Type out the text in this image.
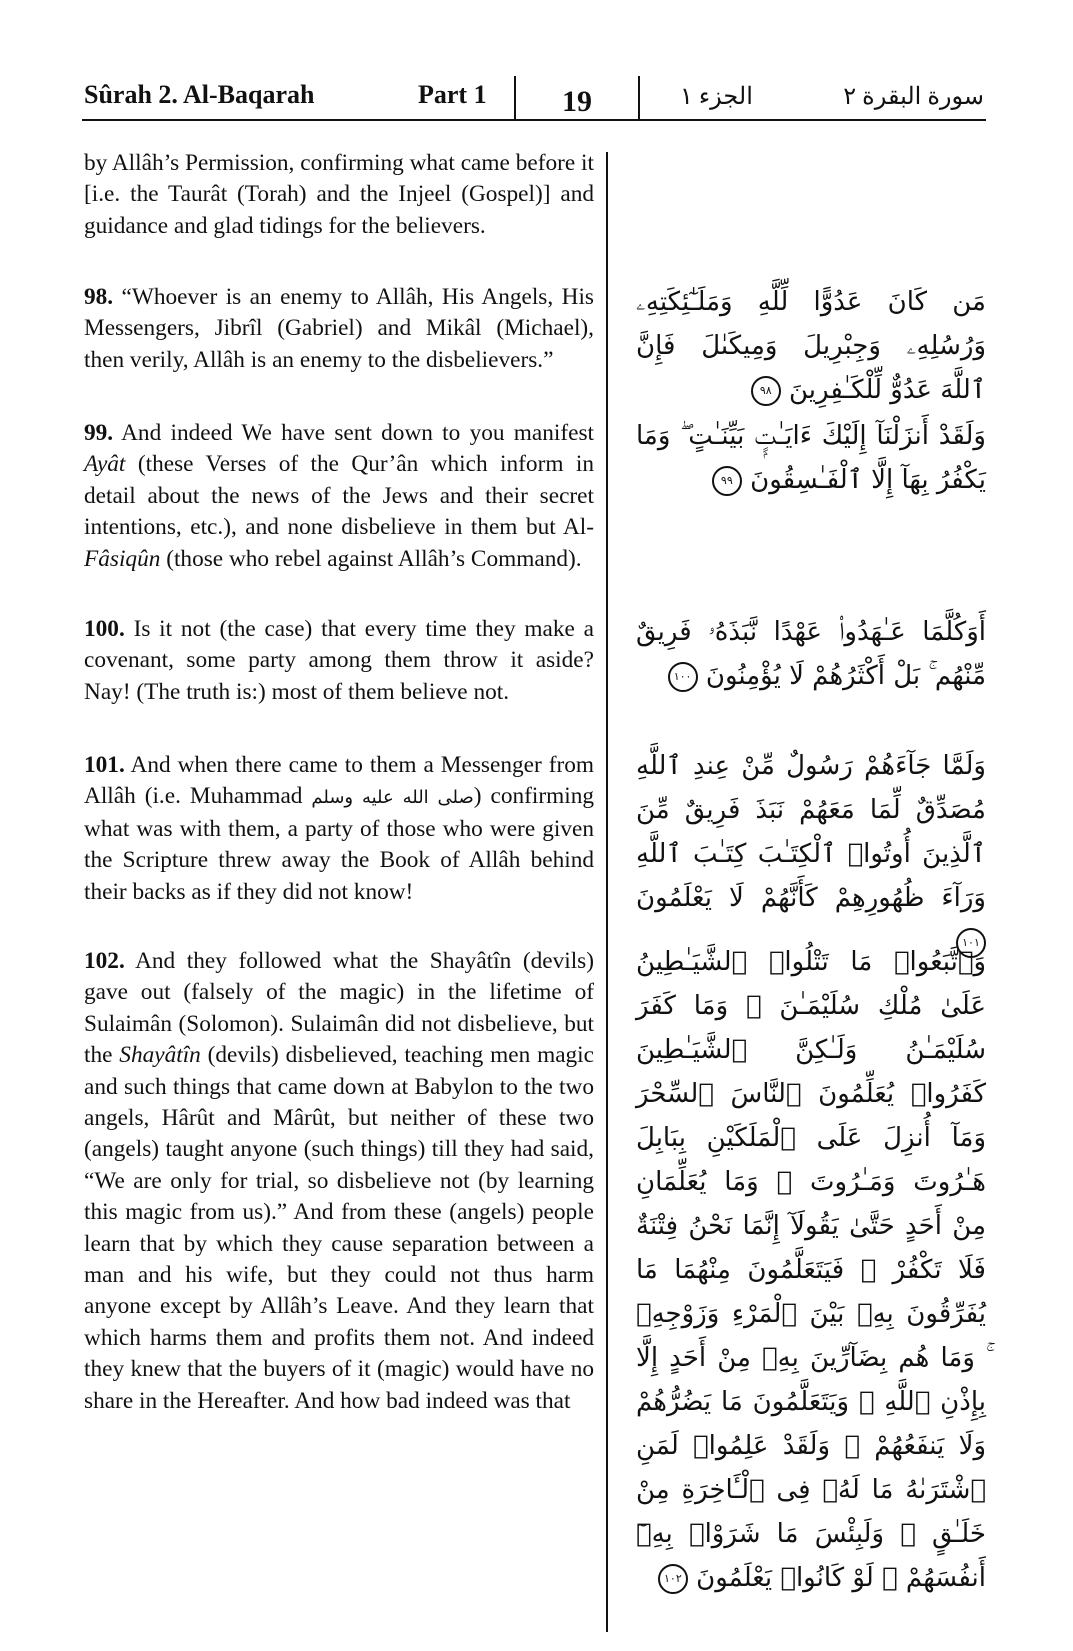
Sûrah 2. Al-Baqarah	Part 1	19	الجزء ١	سورة البقرة ٢

by Allâh’s Permission, confirming what came before it [i.e. the Taurât (Torah) and the Injeel (Gospel)] and guidance and glad tidings for the believers.

98. “Whoever is an enemy to Allâh, His Angels, His Messengers, Jibrîl (Gabriel) and Mikâl (Michael), then verily, Allâh is an enemy to the disbelievers.”

99. And indeed We have sent down to you manifest Ayât (these Verses of the Qur’ân which inform in detail about the news of the Jews and their secret intentions, etc.), and none disbelieve in them but Al-Fâsiqûn (those who rebel against Allâh’s Command).

100. Is it not (the case) that every time they make a covenant, some party among them throw it aside? Nay! (The truth is:) most of them believe not.

101. And when there came to them a Messenger from Allâh (i.e. Muhammad صلى الله عليه وسلم) confirming what was with them, a party of those who were given the Scripture threw away the Book of Allâh behind their backs as if they did not know!

102. And they followed what the Shayâtîn (devils) gave out (falsely of the magic) in the lifetime of Sulaimân (Solomon). Sulaimân did not disbelieve, but the Shayâtîn (devils) disbelieved, teaching men magic and such things that came down at Babylon to the two angels, Hârût and Mârût, but neither of these two (angels) taught anyone (such things) till they had said, “We are only for trial, so disbelieve not (by learning this magic from us).” And from these (angels) people learn that by which they cause separation between a man and his wife, but they could not thus harm anyone except by Allâh’s Leave. And they learn that which harms them and profits them not. And indeed they knew that the buyers of it (magic) would have no share in the Hereafter. And how bad indeed was that

مَن كَانَ عَدُوًّا لِّلَّهِ وَمَلَـٰٓئِكَتِهِۦ وَرُسُلِهِۦ وَجِبْرِيلَ وَمِيكَىٰلَ فَإِنَّ ٱللَّهَ عَدُوٌّ لِّلْكَـٰفِرِينَ ٩٨

وَلَقَدْ أَنزَلْنَآ إِلَيْكَ ءَايَـٰتٍۭ بَيِّنَـٰتٍ ۖ وَمَا يَكْفُرُ بِهَآ إِلَّا ٱلْفَـٰسِقُونَ ٩٩

أَوَكُلَّمَا عَـٰهَدُوا۟ عَهْدًا نَّبَذَهُۥ فَرِيقٌ مِّنْهُم ۚ بَلْ أَكْثَرُهُمْ لَا يُؤْمِنُونَ ١٠٠

وَلَمَّا جَآءَهُمْ رَسُولٌ مِّنْ عِندِ ٱللَّهِ مُصَدِّقٌ لِّمَا مَعَهُمْ نَبَذَ فَرِيقٌ مِّنَ ٱلَّذِينَ أُوتُوا۟ ٱلْكِتَـٰبَ كِتَـٰبَ ٱللَّهِ وَرَآءَ ظُهُورِهِمْ كَأَنَّهُمْ لَا يَعْلَمُونَ ١٠١

وَٱتَّبَعُوا۟ مَا تَتْلُوا۟ ٱلشَّيَـٰطِينُ عَلَىٰ مُلْكِ سُلَيْمَـٰنَ ۖ وَمَا كَفَرَ سُلَيْمَـٰنُ وَلَـٰكِنَّ ٱلشَّيَـٰطِينَ كَفَرُوا۟ يُعَلِّمُونَ ٱلنَّاسَ ٱلسِّحْرَ وَمَآ أُنزِلَ عَلَى ٱلْمَلَكَيْنِ بِبَابِلَ هَـٰرُوتَ وَمَـٰرُوتَ ۚ وَمَا يُعَلِّمَانِ مِنْ أَحَدٍ حَتَّىٰ يَقُولَآ إِنَّمَا نَحْنُ فِتْنَةٌ فَلَا تَكْفُرْ ۖ فَيَتَعَلَّمُونَ مِنْهُمَا مَا يُفَرِّقُونَ بِهِۦ بَيْنَ ٱلْمَرْءِ وَزَوْجِهِۦ ۚ وَمَا هُم بِضَآرِّينَ بِهِۦ مِنْ أَحَدٍ إِلَّا بِإِذْنِ ٱللَّهِ ۚ وَيَتَعَلَّمُونَ مَا يَضُرُّهُمْ وَلَا يَنفَعُهُمْ ۚ وَلَقَدْ عَلِمُوا۟ لَمَنِ ٱشْتَرَىٰهُ مَا لَهُۥ فِى ٱلْـَٔاخِرَةِ مِنْ خَلَـٰقٍ ۚ وَلَبِئْسَ مَا شَرَوْا۟ بِهِۦٓ أَنفُسَهُمْ ۚ لَوْ كَانُوا۟ يَعْلَمُونَ ١٠٢
